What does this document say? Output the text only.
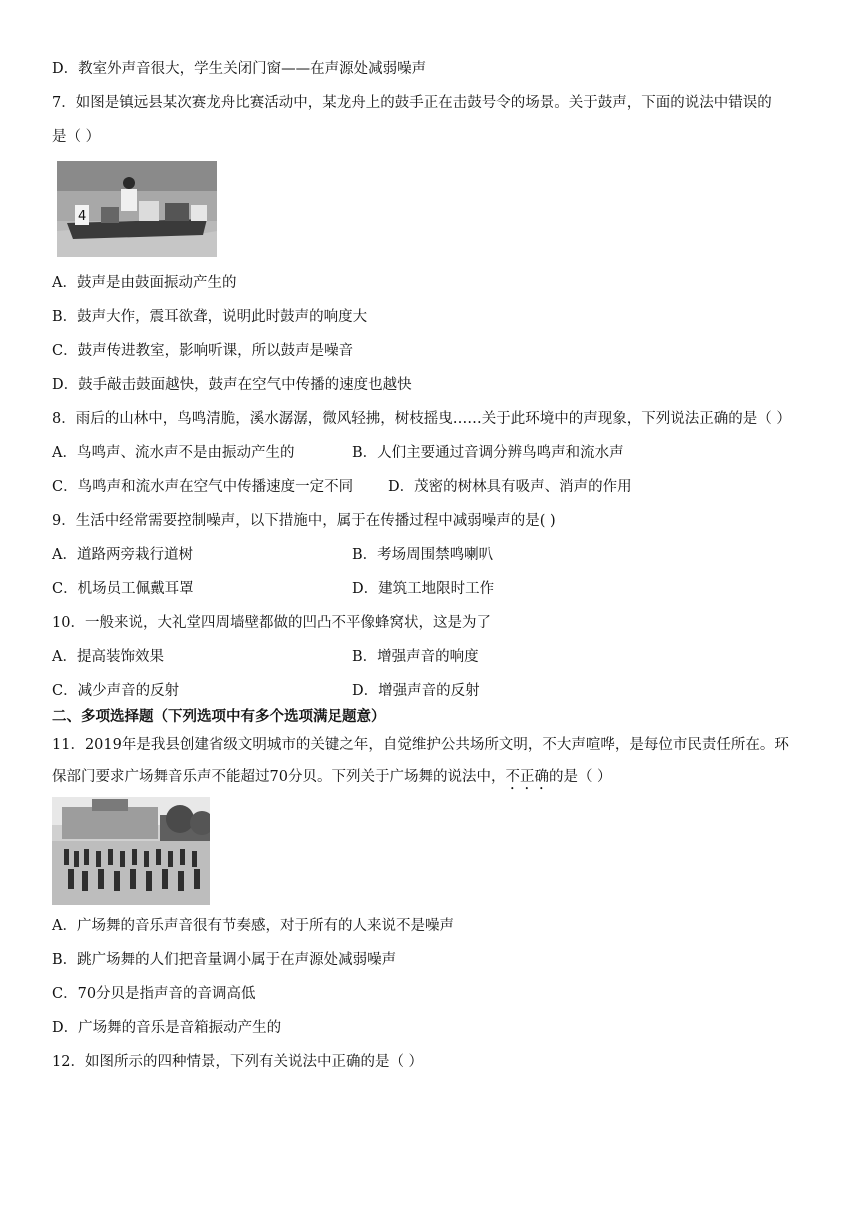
D．教室外声音很大，学生关闭门窗——在声源处减弱噪声
7．如图是镇远县某次赛龙舟比赛活动中，某龙舟上的鼓手正在击鼓号令的场景。关于鼓声，下面的说法中错误的
是（ ）
4
A．鼓声是由鼓面振动产生的
B．鼓声大作，震耳欲聋，说明此时鼓声的响度大
C．鼓声传进教室，影响听课，所以鼓声是噪音
D．鼓手敲击鼓面越快，鼓声在空气中传播的速度也越快
8．雨后的山林中，鸟鸣清脆，溪水潺潺，微风轻拂，树枝摇曳……关于此环境中的声现象，下列说法正确的是（ ）
A．鸟鸣声、流水声不是由振动产生的	B．人们主要通过音调分辨鸟鸣声和流水声
C．鸟鸣声和流水声在空气中传播速度一定不同 D．茂密的树林具有吸声、消声的作用
9．生活中经常需要控制噪声，以下措施中，属于在传播过程中减弱噪声的是( )
A．道路两旁栽行道树	B．考场周围禁鸣喇叭
C．机场员工佩戴耳罩	D．建筑工地限时工作
10．一般来说，大礼堂四周墙壁都做的凹凸不平像蜂窝状，这是为了
A．提高装饰效果	B．增强声音的响度
C．减少声音的反射	D．增强声音的反射
二、多项选择题（下列选项中有多个选项满足题意）
11．2019年是我县创建省级文明城市的关键之年，自觉维护公共场所文明，不大声喧哗，是每位市民责任所在。环
保部门要求广场舞音乐声不能超过70分贝。下列关于广场舞的说法中，不正确的是（ ）
A．广场舞的音乐声音很有节奏感，对于所有的人来说不是噪声
B．跳广场舞的人们把音量调小属于在声源处减弱噪声
C．70分贝是指声音的音调高低
D．广场舞的音乐是音箱振动产生的
12．如图所示的四种情景，下列有关说法中正确的是（ ）
